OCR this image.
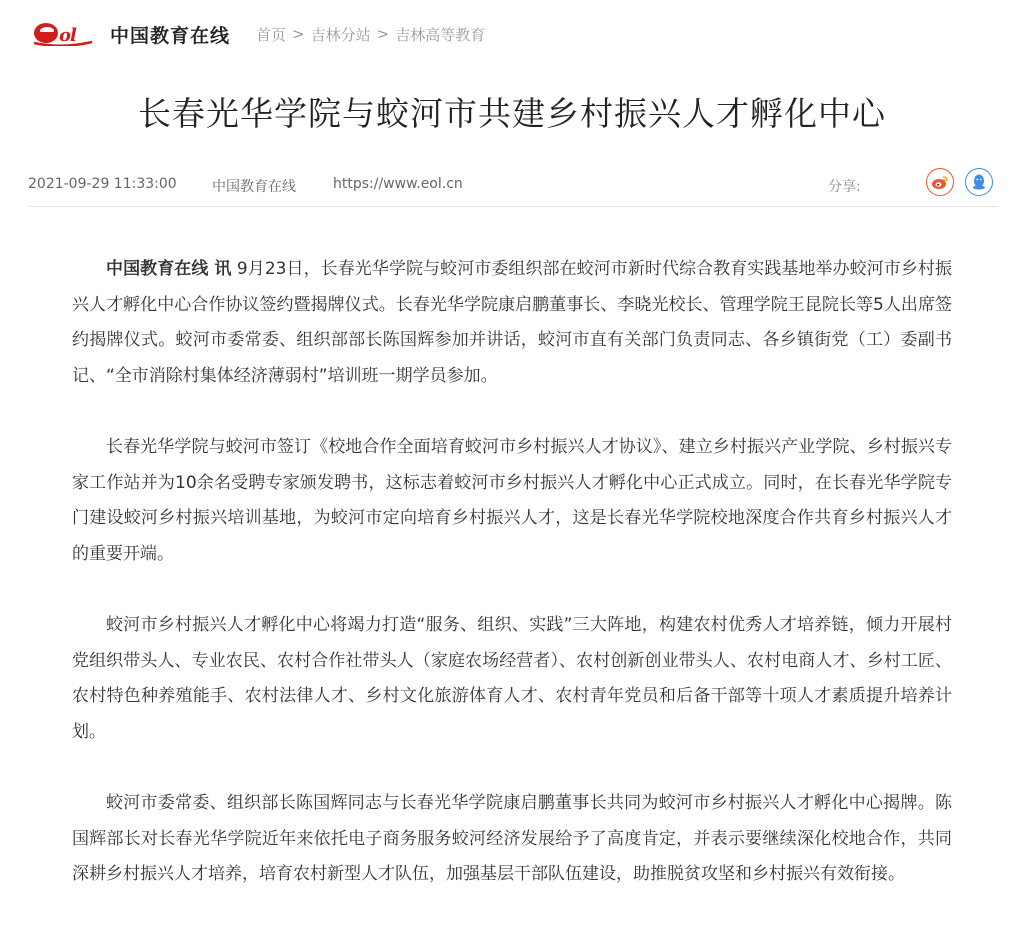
ol 中国教育在线 首页 > 吉林分站 > 吉林高等教育
长春光华学院与蛟河市共建乡村振兴人才孵化中心
2021-09-29 11:33:00	中国教育在线	https://www.eol.cn	分享:

中国教育在线 讯 9月23日，长春光华学院与蛟河市委组织部在蛟河市新时代综合教育实践基地举办蛟河市乡村振兴人才孵化中心合作协议签约暨揭牌仪式。长春光华学院康启鹏董事长、李晓光校长、管理学院王昆院长等5人出席签约揭牌仪式。蛟河市委常委、组织部部长陈国辉参加并讲话，蛟河市直有关部门负责同志、各乡镇街党（工）委副书记、“全市消除村集体经济薄弱村”培训班一期学员参加。

长春光华学院与蛟河市签订《校地合作全面培育蛟河市乡村振兴人才协议》、建立乡村振兴产业学院、乡村振兴专家工作站并为10余名受聘专家颁发聘书，这标志着蛟河市乡村振兴人才孵化中心正式成立。同时，在长春光华学院专门建设蛟河乡村振兴培训基地，为蛟河市定向培育乡村振兴人才，这是长春光华学院校地深度合作共育乡村振兴人才的重要开端。

蛟河市乡村振兴人才孵化中心将竭力打造“服务、组织、实践”三大阵地，构建农村优秀人才培养链，倾力开展村党组织带头人、专业农民、农村合作社带头人（家庭农场经营者）、农村创新创业带头人、农村电商人才、乡村工匠、农村特色种养殖能手、农村法律人才、乡村文化旅游体育人才、农村青年党员和后备干部等十项人才素质提升培养计划。

蛟河市委常委、组织部长陈国辉同志与长春光华学院康启鹏董事长共同为蛟河市乡村振兴人才孵化中心揭牌。陈国辉部长对长春光华学院近年来依托电子商务服务蛟河经济发展给予了高度肯定，并表示要继续深化校地合作，共同深耕乡村振兴人才培养，培育农村新型人才队伍，加强基层干部队伍建设，助推脱贫攻坚和乡村振兴有效衔接。
